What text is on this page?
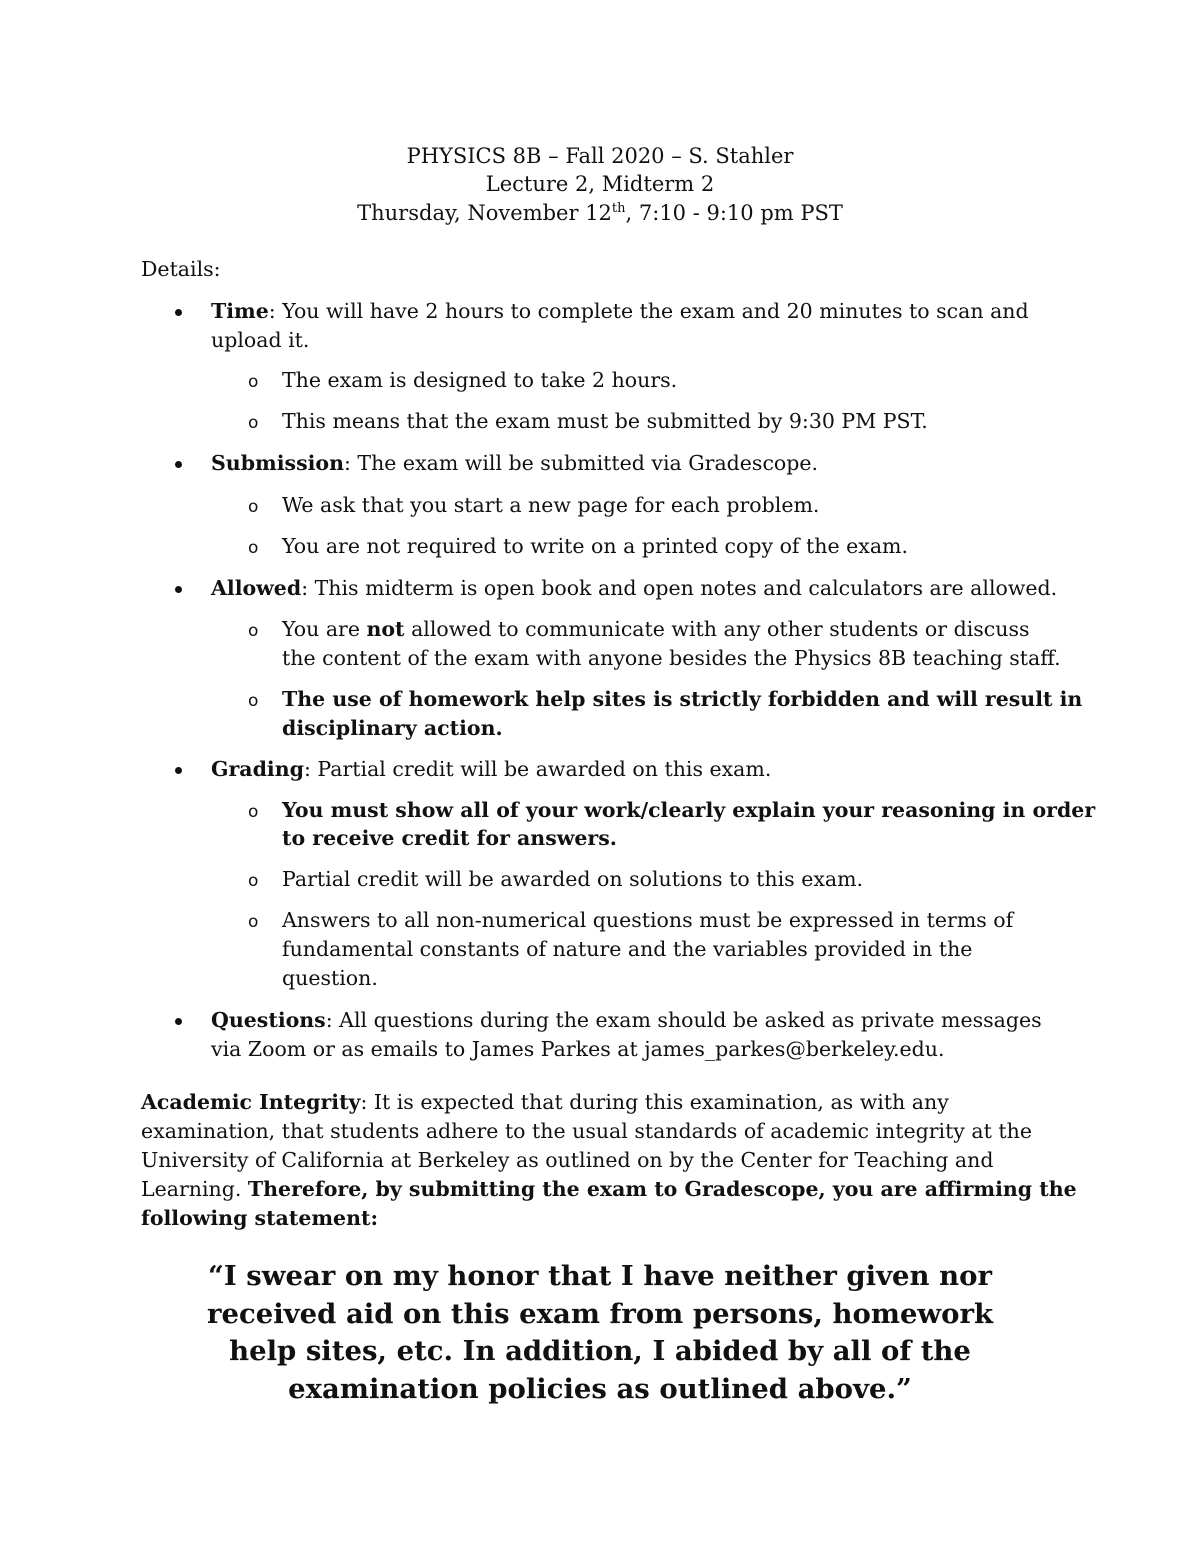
PHYSICS 8B – Fall 2020 – S. Stahler
Lecture 2, Midterm 2
Thursday, November 12th, 7:10 - 9:10 pm PST
Details:
Time: You will have 2 hours to complete the exam and 20 minutes to scan and
upload it.
o The exam is designed to take 2 hours.
o This means that the exam must be submitted by 9:30 PM PST.
Submission: The exam will be submitted via Gradescope.
o We ask that you start a new page for each problem.
o You are not required to write on a printed copy of the exam.
Allowed: This midterm is open book and open notes and calculators are allowed.
o You are not allowed to communicate with any other students or discuss
the content of the exam with anyone besides the Physics 8B teaching staff.
o The use of homework help sites is strictly forbidden and will result in
disciplinary action.
Grading: Partial credit will be awarded on this exam.
o You must show all of your work/clearly explain your reasoning in order
to receive credit for answers.
o Partial credit will be awarded on solutions to this exam.
o Answers to all non-numerical questions must be expressed in terms of
fundamental constants of nature and the variables provided in the
question.
Questions: All questions during the exam should be asked as private messages
via Zoom or as emails to James Parkes at james_parkes@berkeley.edu.
Academic Integrity: It is expected that during this examination, as with any
examination, that students adhere to the usual standards of academic integrity at the
University of California at Berkeley as outlined on by the Center for Teaching and
Learning. Therefore, by submitting the exam to Gradescope, you are affirming the
following statement:
“I swear on my honor that I have neither given nor
received aid on this exam from persons, homework
help sites, etc. In addition, I abided by all of the
examination policies as outlined above.”
